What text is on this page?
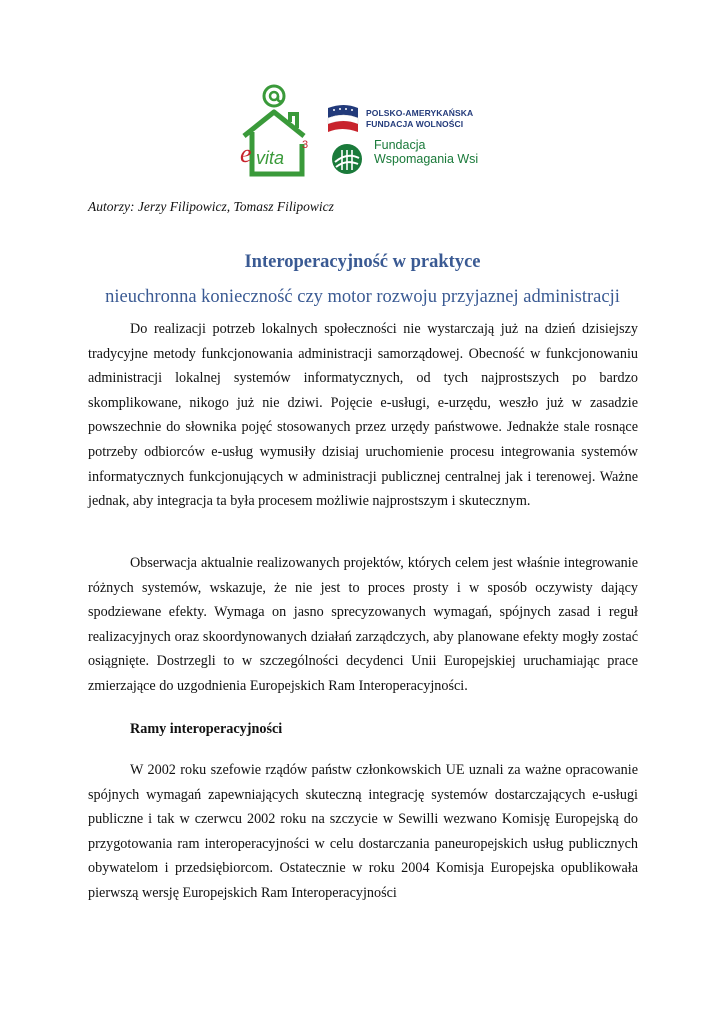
e vita
3
POLSKO-AMERYKAŃSKA
FUNDACJA WOLNOŚCI
Fundacja
Wspomagania Wsi
Autorzy: Jerzy Filipowicz, Tomasz Filipowicz
Interoperacyjność w praktyce
nieuchronna konieczność czy motor rozwoju przyjaznej administracji

Do realizacji potrzeb lokalnych społeczności nie wystarczają już na dzień dzisiejszy tradycyjne metody funkcjonowania administracji samorządowej. Obecność w funkcjonowaniu administracji lokalnej systemów informatycznych, od tych najprostszych po bardzo skomplikowane, nikogo już nie dziwi. Pojęcie e-usługi, e-urzędu, weszło już w zasadzie powszechnie do słownika pojęć stosowanych przez urzędy państwowe. Jednakże stale rosnące potrzeby odbiorców e-usług wymusiły dzisiaj uruchomienie procesu integrowania systemów informatycznych funkcjonujących w administracji publicznej centralnej jak i terenowej. Ważne jednak, aby integracja ta była procesem możliwie najprostszym i skutecznym.

Obserwacja aktualnie realizowanych projektów, których celem jest właśnie integrowanie różnych systemów, wskazuje, że nie jest to proces prosty i w sposób oczywisty dający spodziewane efekty. Wymaga on jasno sprecyzowanych wymagań, spójnych zasad i reguł realizacyjnych oraz skoordynowanych działań zarządczych, aby planowane efekty mogły zostać osiągnięte. Dostrzegli to w szczególności decydenci Unii Europejskiej uruchamiając prace zmierzające do uzgodnienia Europejskich Ram Interoperacyjności.

Ramy interoperacyjności

W 2002 roku szefowie rządów państw członkowskich UE uznali za ważne opracowanie spójnych wymagań zapewniających skuteczną integrację systemów dostarczających e-usługi publiczne i tak w czerwcu 2002 roku na szczycie w Sewilli wezwano Komisję Europejską do przygotowania ram interoperacyjności w celu dostarczania paneuropejskich usług publicznych obywatelom i przedsiębiorcom. Ostatecznie w roku 2004 Komisja Europejska opublikowała pierwszą wersję Europejskich Ram Interoperacyjności
